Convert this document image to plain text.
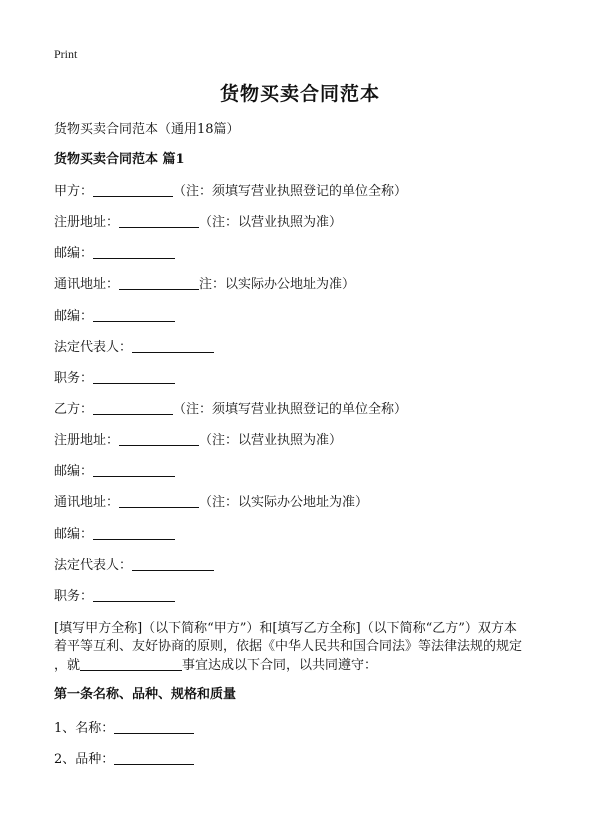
Print
货物买卖合同范本
货物买卖合同范本（通用18篇）
货物买卖合同范本 篇1
甲方：	（注：须填写营业执照登记的单位全称）
注册地址：	（注：以营业执照为准）
邮编：
通讯地址：	注：以实际办公地址为准）
邮编：
法定代表人：
职务：
乙方：	（注：须填写营业执照登记的单位全称）
注册地址：	（注：以营业执照为准）
邮编：
通讯地址：	（注：以实际办公地址为准）
邮编：
法定代表人：
职务：
[填写甲方全称]（以下简称“甲方”）和[填写乙方全称]（以下简称“乙方”）双方本
着平等互利、友好协商的原则，依据《中华人民共和国合同法》等法律法规的规定
，就	事宜达成以下合同，以共同遵守：
第一条名称、品种、规格和质量
1、名称：
2、品种：
